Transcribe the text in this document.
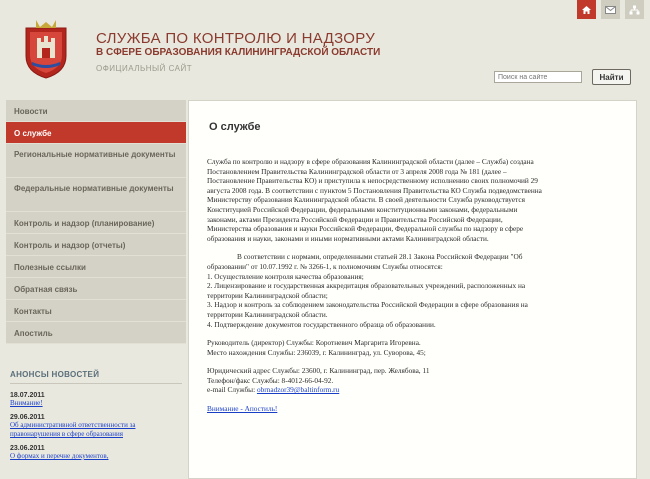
СЛУЖБА ПО КОНТРОЛЮ И НАДЗОРУ
В СФЕРЕ ОБРАЗОВАНИЯ КАЛИНИНГРАДСКОЙ ОБЛАСТИ
ОФИЦИАЛЬНЫЙ САЙТ
Поиск на сайте
Найти
Новости
О службе
Региональные нормативные документы
Федеральные нормативные документы
Контроль и надзор (планирование)
Контроль и надзор (отчеты)
Полезные ссылки
Обратная связь
Контакты
Апостиль
АНОНСЫ НОВОСТЕЙ
18.07.2011
Внимание!
29.06.2011
Об административной ответственности за правонарушения в сфере образования
23.06.2011
О формах и перечне документов,
О службе
Служба по контролю и надзору в сфере образования Калининградской области (далее – Служба) создана
Постановлением Правительства Калининградской области от 3 апреля 2008 года № 181 (далее –
Постановление Правительства КО) и приступила к непосредственному исполнению своих полномочий 29
августа 2008 года. В соответствии с пунктом 5 Постановления Правительства КО Служба подведомственна
Министерству образования Калининградской области. В своей деятельности Служба руководствуется
Конституцией Российской Федерации, федеральными конституционными законами, федеральными
законами, актами Президента Российской Федерации и Правительства Российской Федерации,
Министерства образования и науки Российской Федерации, Федеральной службы по надзору в сфере
образования и науки, законами и иными нормативными актами Калининградской области.
В соответствии с нормами, определенными статьей 28.1 Закона Российской Федерации "Об
образовании" от 10.07.1992 г. № 3266-1, к полномочиям Службы относятся:
1. Осуществление контроля качества образования;
2. Лицензирование и государственная аккредитация образовательных учреждений, расположенных на
территории Калининградской области;
3. Надзор и контроль за соблюдением законодательства Российской Федерации в сфере образования на
территории Калининградской области.
4. Подтверждение документов государственного образца об образовании.
Руководитель (директор) Службы: Коротневич Маргарита Игоревна.
Место нахождения Службы: 236039, г. Калининград, ул. Суворова, 45;
Юридический адрес Службы: 23600, г. Калининград, пер. Желябова, 11
Телефон/факс Службы: 8-4012-66-04-92.
e-mail Службы: obrnadzor39@baltinform.ru
Внимание - Апостиль!
